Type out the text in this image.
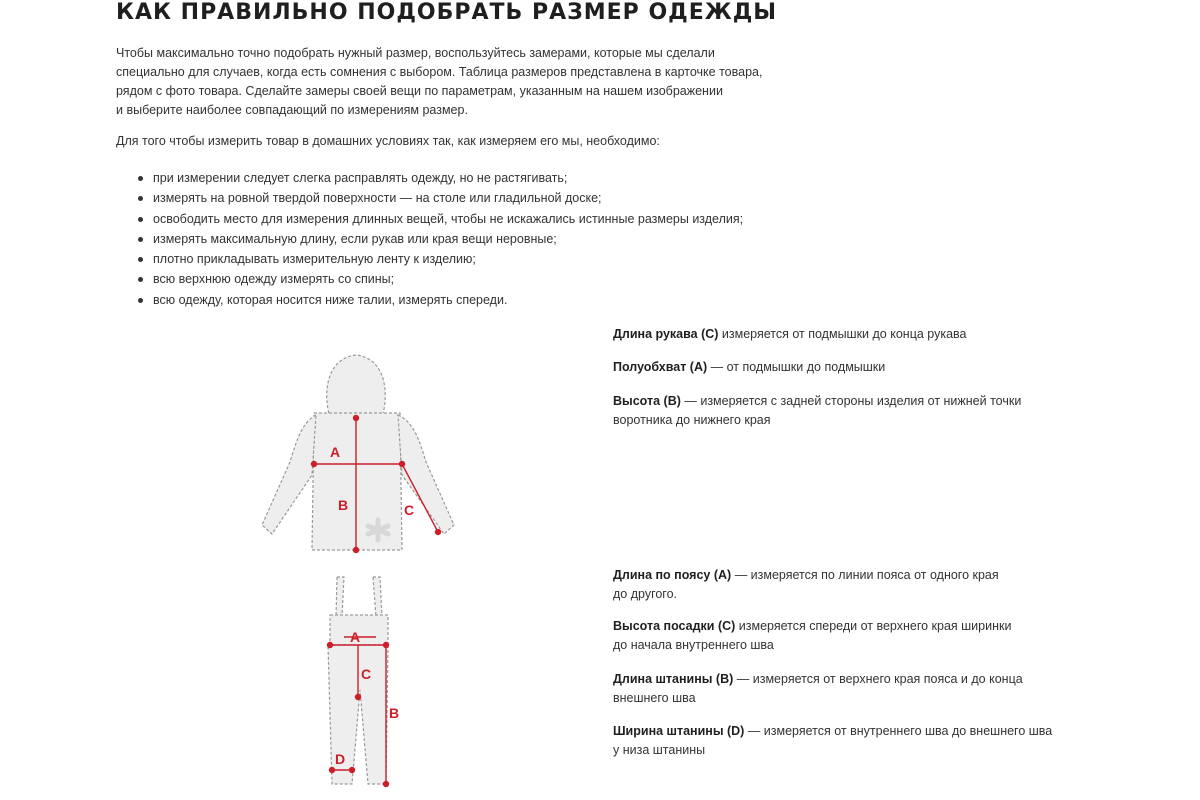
КАК ПРАВИЛЬНО ПОДОБРАТЬ РАЗМЕР ОДЕЖДЫ
Чтобы максимально точно подобрать нужный размер, воспользуйтесь замерами, которые мы сделали
специально для случаев, когда есть сомнения с выбором. Таблица размеров представлена в карточке товара,
рядом с фото товара. Сделайте замеры своей вещи по параметрам, указанным на нашем изображении
и выберите наиболее совпадающий по измерениям размер.
Для того чтобы измерить товар в домашних условиях так, как измеряем его мы, необходимо:
при измерении следует слегка расправлять одежду, но не растягивать;
измерять на ровной твердой поверхности — на столе или гладильной доске;
освободить место для измерения длинных вещей, чтобы не искажались истинные размеры изделия;
измерять максимальную длину, если рукав или края вещи неровные;
плотно прикладывать измерительную ленту к изделию;
всю верхнюю одежду измерять со спины;
всю одежду, которая носится ниже талии, измерять спереди.
A
B	C
A
C
B
D

Длина рукава (C) измеряется от подмышки до конца рукава

Полуобхват (A) — от подмышки до подмышки

Высота (B) — измеряется с задней стороны изделия от нижней точки

воротника до нижнего края

Длина по поясу (A) — измеряется по линии пояса от одного края

до другого.

Высота посадки (C) измеряется спереди от верхнего края ширинки

до начала внутреннего шва

Длина штанины (B) — измеряется от верхнего края пояса и до конца

внешнего шва

Ширина штанины (D) — измеряется от внутреннего шва до внешнего шва

у низа штанины
